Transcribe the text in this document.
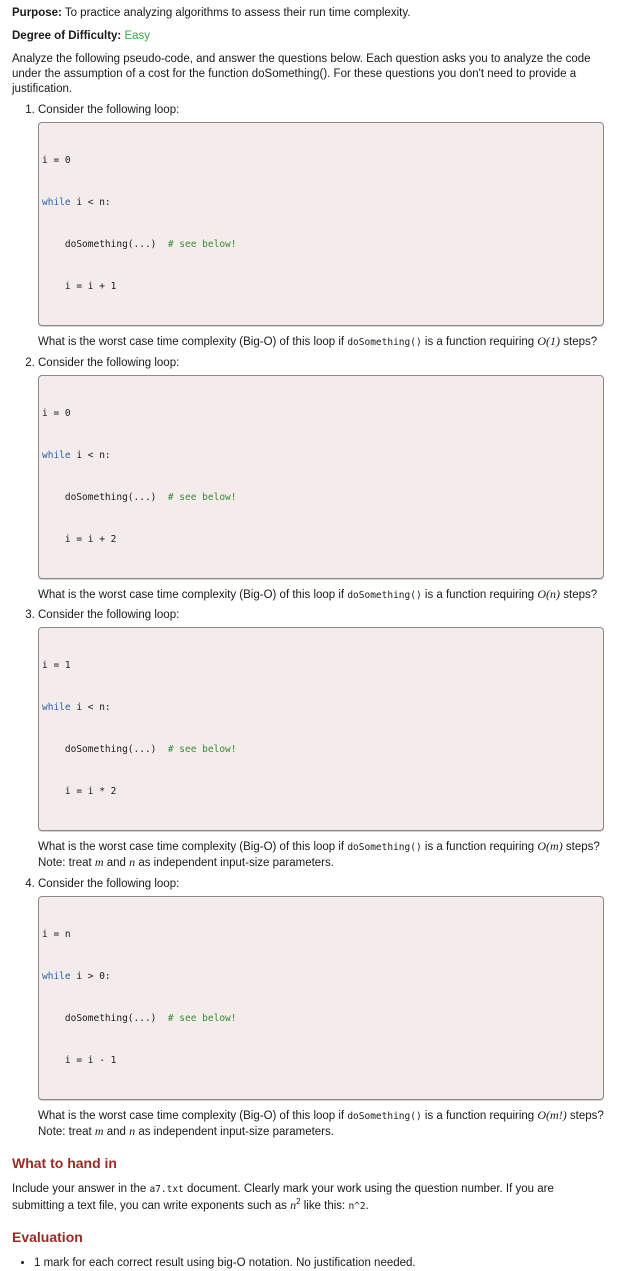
Purpose: To practice analyzing algorithms to assess their run time complexity.

Degree of Difficulty: Easy

Analyze the following pseudo-code, and answer the questions below. Each question asks you to analyze the code under the assumption of a cost for the function doSomething(). For these questions you don't need to provide a justification.

1. Consider the following loop:

i = 0

while i < n:

doSomething(...)  # see below!

i = i + 1

What is the worst case time complexity (Big-O) of this loop if doSomething() is a function requiring O(1) steps?

2. Consider the following loop:

i = 0

while i < n:

doSomething(...)  # see below!

i = i + 2

What is the worst case time complexity (Big-O) of this loop if doSomething() is a function requiring O(n) steps?

3. Consider the following loop:

i = 1

while i < n:

doSomething(...)  # see below!

i = i * 2

What is the worst case time complexity (Big-O) of this loop if doSomething() is a function requiring O(m) steps? Note: treat m and n as independent input-size parameters.

4. Consider the following loop:

i = n

while i > 0:

doSomething(...)  # see below!

i = i - 1

What is the worst case time complexity (Big-O) of this loop if doSomething() is a function requiring O(m!) steps? Note: treat m and n as independent input-size parameters.

What to hand in

Include your answer in the a7.txt document. Clearly mark your work using the question number. If you are submitting a text file, you can write exponents such as $n^2$ like this: n^2.

Evaluation
• 1 mark for each correct result using big-O notation. No justification needed.
